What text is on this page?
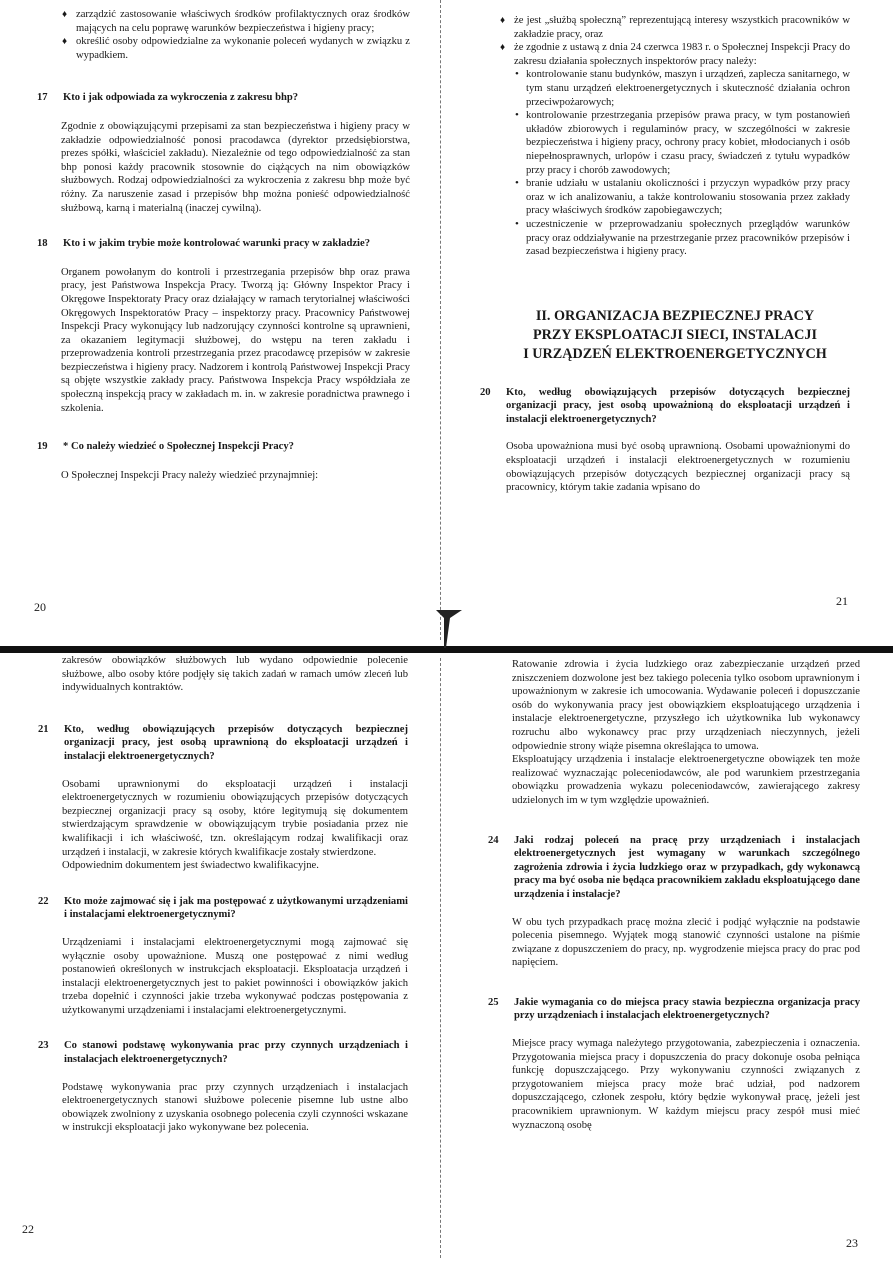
♦ zarządzić zastosowanie właściwych środków profilaktycznych oraz środków mających na celu poprawę warunków bezpieczeństwa i higieny pracy;
♦ określić osoby odpowiedzialne za wykonanie poleceń wydanych w związku z wypadkiem.
17	Kto i jak odpowiada za wykroczenia z zakresu bhp?

Zgodnie z obowiązującymi przepisami za stan bezpieczeństwa i higieny pracy w zakładzie odpowiedzialność ponosi pracodawca (dyrektor przedsiębiorstwa, prezes spółki, właściciel zakładu). Niezależnie od tego odpowiedzialność za stan bhp ponosi każdy pracownik stosownie do ciążących na nim obowiązków służbowych. Rodzaj odpowiedzialności za wykroczenia z zakresu bhp może być różny. Za naruszenie zasad i przepisów bhp można ponieść odpowiedzialność służbową, karną i materialną (inaczej cywilną).

18	Kto i w jakim trybie może kontrolować warunki pracy w zakładzie?

Organem powołanym do kontroli i przestrzegania przepisów bhp oraz prawa pracy, jest Państwowa Inspekcja Pracy. Tworzą ją: Główny Inspektor Pracy i Okręgowe Inspektoraty Pracy oraz działający w ramach terytorialnej właściwości Okręgowych Inspektoratów Pracy – inspektorzy pracy. Pracownicy Państwowej Inspekcji Pracy wykonujący lub nadzorujący czynności kontrolne są uprawnieni, za okazaniem legitymacji służbowej, do wstępu na teren zakładu i przeprowadzenia kontroli przestrzegania przez pracodawcę przepisów w zakresie bezpieczeństwa i higieny pracy. Nadzorem i kontrolą Państwowej Inspekcji Pracy są objęte wszystkie zakłady pracy. Państwowa Inspekcja Pracy współdziała ze społeczną inspekcją pracy w zakładach m. in. w zakresie poradnictwa prawnego i szkolenia.

19	* Co należy wiedzieć o Społecznej Inspekcji Pracy?

O Społecznej Inspekcji Pracy należy wiedzieć przynajmniej:

20
♦ że jest „służbą społeczną” reprezentującą interesy wszystkich pracowników w zakładzie pracy, oraz
♦ że zgodnie z ustawą z dnia 24 czerwca 1983 r. o Społecznej Inspekcji Pracy do zakresu działania społecznych inspektorów pracy należy:
• kontrolowanie stanu budynków, maszyn i urządzeń, zaplecza sanitarnego, w tym stanu urządzeń elektroenergetycznych i skuteczność działania ochron przeciwpożarowych;
• kontrolowanie przestrzegania przepisów prawa pracy, w tym postanowień układów zbiorowych i regulaminów pracy, w szczególności w zakresie bezpieczeństwa i higieny pracy, ochrony pracy kobiet, młodocianych i osób niepełnosprawnych, urlopów i czasu pracy, świadczeń z tytułu wypadków przy pracy i chorób zawodowych;
• branie udziału w ustalaniu okoliczności i przyczyn wypadków przy pracy oraz w ich analizowaniu, a także kontrolowaniu stosowania przez zakłady pracy właściwych środków zapobiegawczych;
• uczestniczenie w przeprowadzaniu społecznych przeglądów warunków pracy oraz oddziaływanie na przestrzeganie przez pracowników przepisów i zasad bezpieczeństwa i higieny pracy.
II. ORGANIZACJA BEZPIECZNEJ PRACY
PRZY EKSPLOATACJI SIECI, INSTALACJI
I URZĄDZEŃ ELEKTROENERGETYCZNYCH
20	Kto, według obowiązujących przepisów dotyczących bezpiecznej organizacji pracy, jest osobą upoważnioną do eksploatacji urządzeń i instalacji elektroenergetycznych?

Osoba upoważniona musi być osobą uprawnioną. Osobami upoważnionymi do eksploatacji urządzeń i instalacji elektroenergetycznych w rozumieniu obowiązujących przepisów dotyczących bezpiecznej organizacji pracy są pracownicy, którym takie zadania wpisano do

21

zakresów obowiązków służbowych lub wydano odpowiednie polecenie służbowe, albo osoby które podjęły się takich zadań w ramach umów zleceń lub indywidualnych kontraktów.

21	Kto, według obowiązujących przepisów dotyczących bezpiecznej organizacji pracy, jest osobą uprawnioną do eksploatacji urządzeń i instalacji elektroenergetycznych?

Osobami uprawnionymi do eksploatacji urządzeń i instalacji elektroenergetycznych w rozumieniu obowiązujących przepisów dotyczących bezpiecznej organizacji pracy są osoby, które legitymują się dokumentem stwierdzającym sprawdzenie w obowiązującym trybie posiadania przez nie kwalifikacji i ich właściwość, tzn. określającym rodzaj kwalifikacji oraz urządzeń i instalacji, w zakresie których kwalifikacje zostały stwierdzone.

Odpowiednim dokumentem jest świadectwo kwalifikacyjne.

22	Kto może zajmować się i jak ma postępować z użytkowanymi urządzeniami i instalacjami elektroenergetycznymi?

Urządzeniami i instalacjami elektroenergetycznymi mogą zajmować się wyłącznie osoby upoważnione. Muszą one postępować z nimi według postanowień określonych w instrukcjach eksploatacji. Eksploatacja urządzeń i instalacji elektroenergetycznych jest to pakiet powinności i obowiązków jakich trzeba dopełnić i czynności jakie trzeba wykonywać podczas postępowania z użytkowanymi urządzeniami i instalacjami elektroenergetycznymi.

23	Co stanowi podstawę wykonywania prac przy czynnych urządzeniach i instalacjach elektroenergetycznych?

Podstawę wykonywania prac przy czynnych urządzeniach i instalacjach elektroenergetycznych stanowi służbowe polecenie pisemne lub ustne albo obowiązek zwolniony z uzyskania osobnego polecenia czyli czynności wskazane w instrukcji eksploatacji jako wykonywane bez polecenia.

22

Ratowanie zdrowia i życia ludzkiego oraz zabezpieczanie urządzeń przed zniszczeniem dozwolone jest bez takiego polecenia tylko osobom uprawnionym i upoważnionym w zakresie ich umocowania. Wydawanie poleceń i dopuszczanie osób do wykonywania pracy jest obowiązkiem eksploatującego urządzenia i instalacje elektroenergetyczne, przyszłego ich użytkownika lub wykonawcy rozruchu albo wykonawcy prac przy urządzeniach nieczynnych, jeżeli odpowiednie strony wiąże pisemna określająca to umowa.

Eksploatujący urządzenia i instalacje elektroenergetyczne obowiązek ten może realizować wyznaczając poleceniodawców, ale pod warunkiem przestrzegania obowiązku prowadzenia wykazu poleceniodawców, zawierającego zakresy udzielonych im w tym względzie upoważnień.

24	Jaki rodzaj poleceń na pracę przy urządzeniach i instalacjach elektroenergetycznych jest wymagany w warunkach szczególnego zagrożenia zdrowia i życia ludzkiego oraz w przypadkach, gdy wykonawcą pracy ma być osoba nie będąca pracownikiem zakładu eksploatującego dane urządzenia i instalacje?

W obu tych przypadkach pracę można zlecić i podjąć wyłącznie na podstawie polecenia pisemnego. Wyjątek mogą stanowić czynności ustalone na piśmie związane z dopuszczeniem do pracy, np. wygrodzenie miejsca pracy do prac pod napięciem.

25	Jakie wymagania co do miejsca pracy stawia bezpieczna organizacja pracy przy urządzeniach i instalacjach elektroenergetycznych?

Miejsce pracy wymaga należytego przygotowania, zabezpieczenia i oznaczenia. Przygotowania miejsca pracy i dopuszczenia do pracy dokonuje osoba pełniąca funkcję dopuszczającego. Przy wykonywaniu czynności związanych z przygotowaniem miejsca pracy może brać udział, pod nadzorem dopuszczającego, członek zespołu, który będzie wykonywał pracę, jeżeli jest pracownikiem uprawnionym. W każdym miejscu pracy zespół musi mieć wyznaczoną osobę

23
